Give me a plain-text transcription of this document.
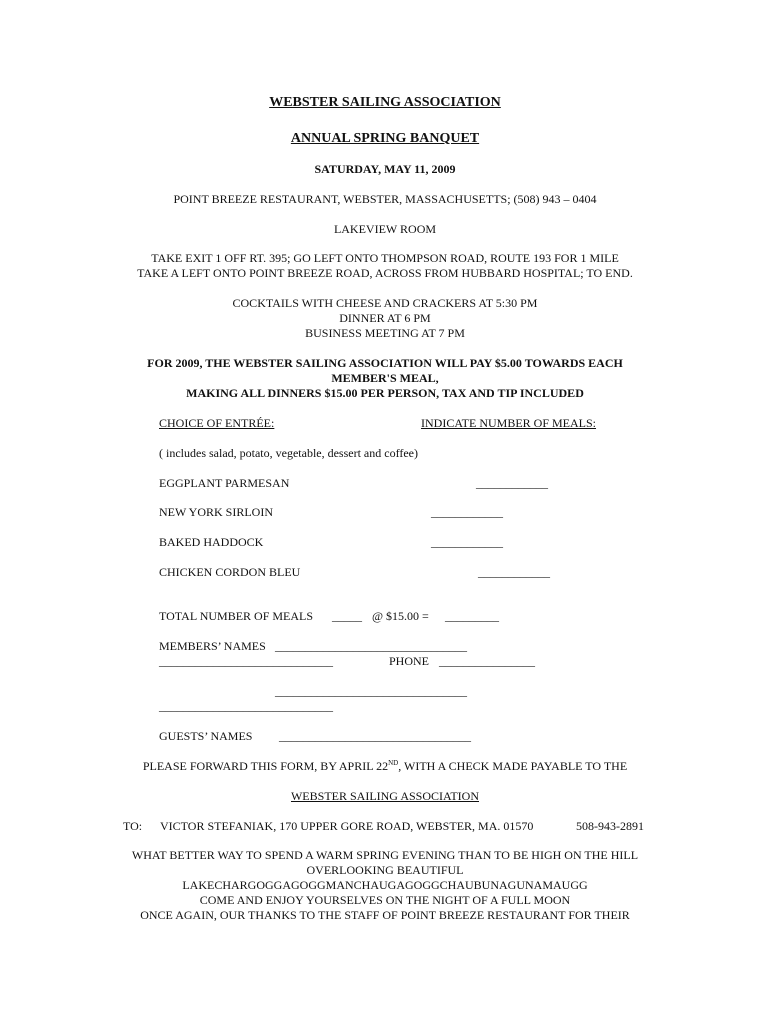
WEBSTER SAILING ASSOCIATION
ANNUAL SPRING BANQUET
SATURDAY, MAY 11, 2009
POINT BREEZE RESTAURANT, WEBSTER, MASSACHUSETTS; (508) 943 – 0404
LAKEVIEW ROOM
TAKE EXIT 1 OFF RT. 395; GO LEFT ONTO THOMPSON ROAD, ROUTE 193 FOR 1 MILE
TAKE A LEFT ONTO POINT BREEZE ROAD, ACROSS FROM HUBBARD HOSPITAL; TO END.
COCKTAILS WITH CHEESE AND CRACKERS AT 5:30 PM
DINNER AT 6 PM
BUSINESS MEETING AT 7 PM
FOR 2009, THE WEBSTER SAILING ASSOCIATION WILL PAY $5.00 TOWARDS EACH
MEMBER'S MEAL,
MAKING ALL DINNERS $15.00 PER PERSON, TAX AND TIP INCLUDED
CHOICE OF ENTRÉE:	INDICATE NUMBER OF MEALS:
( includes salad, potato, vegetable, dessert and coffee)
EGGPLANT PARMESAN	____________
NEW YORK SIRLOIN	____________
BAKED HADDOCK	____________
CHICKEN CORDON BLEU	____________
TOTAL NUMBER OF MEALS _____ @ $15.00 = _________
MEMBERS’ NAMES ________________________________
_____________________________	PHONE ________________
________________________________
_____________________________
GUESTS’ NAMES ________________________________
PLEASE FORWARD THIS FORM, BY APRIL 22ND, WITH A CHECK MADE PAYABLE TO THE
WEBSTER SAILING ASSOCIATION
TO: VICTOR STEFANIAK, 170 UPPER GORE ROAD, WEBSTER, MA. 01570	508-943-2891
WHAT BETTER WAY TO SPEND A WARM SPRING EVENING THAN TO BE HIGH ON THE HILL
OVERLOOKING BEAUTIFUL
LAKECHARGOGGAGOGGMANCHAUGAGOGGCHAUBUNAGUNAMAUGG
COME AND ENJOY YOURSELVES ON THE NIGHT OF A FULL MOON
ONCE AGAIN, OUR THANKS TO THE STAFF OF POINT BREEZE RESTAURANT FOR THEIR
